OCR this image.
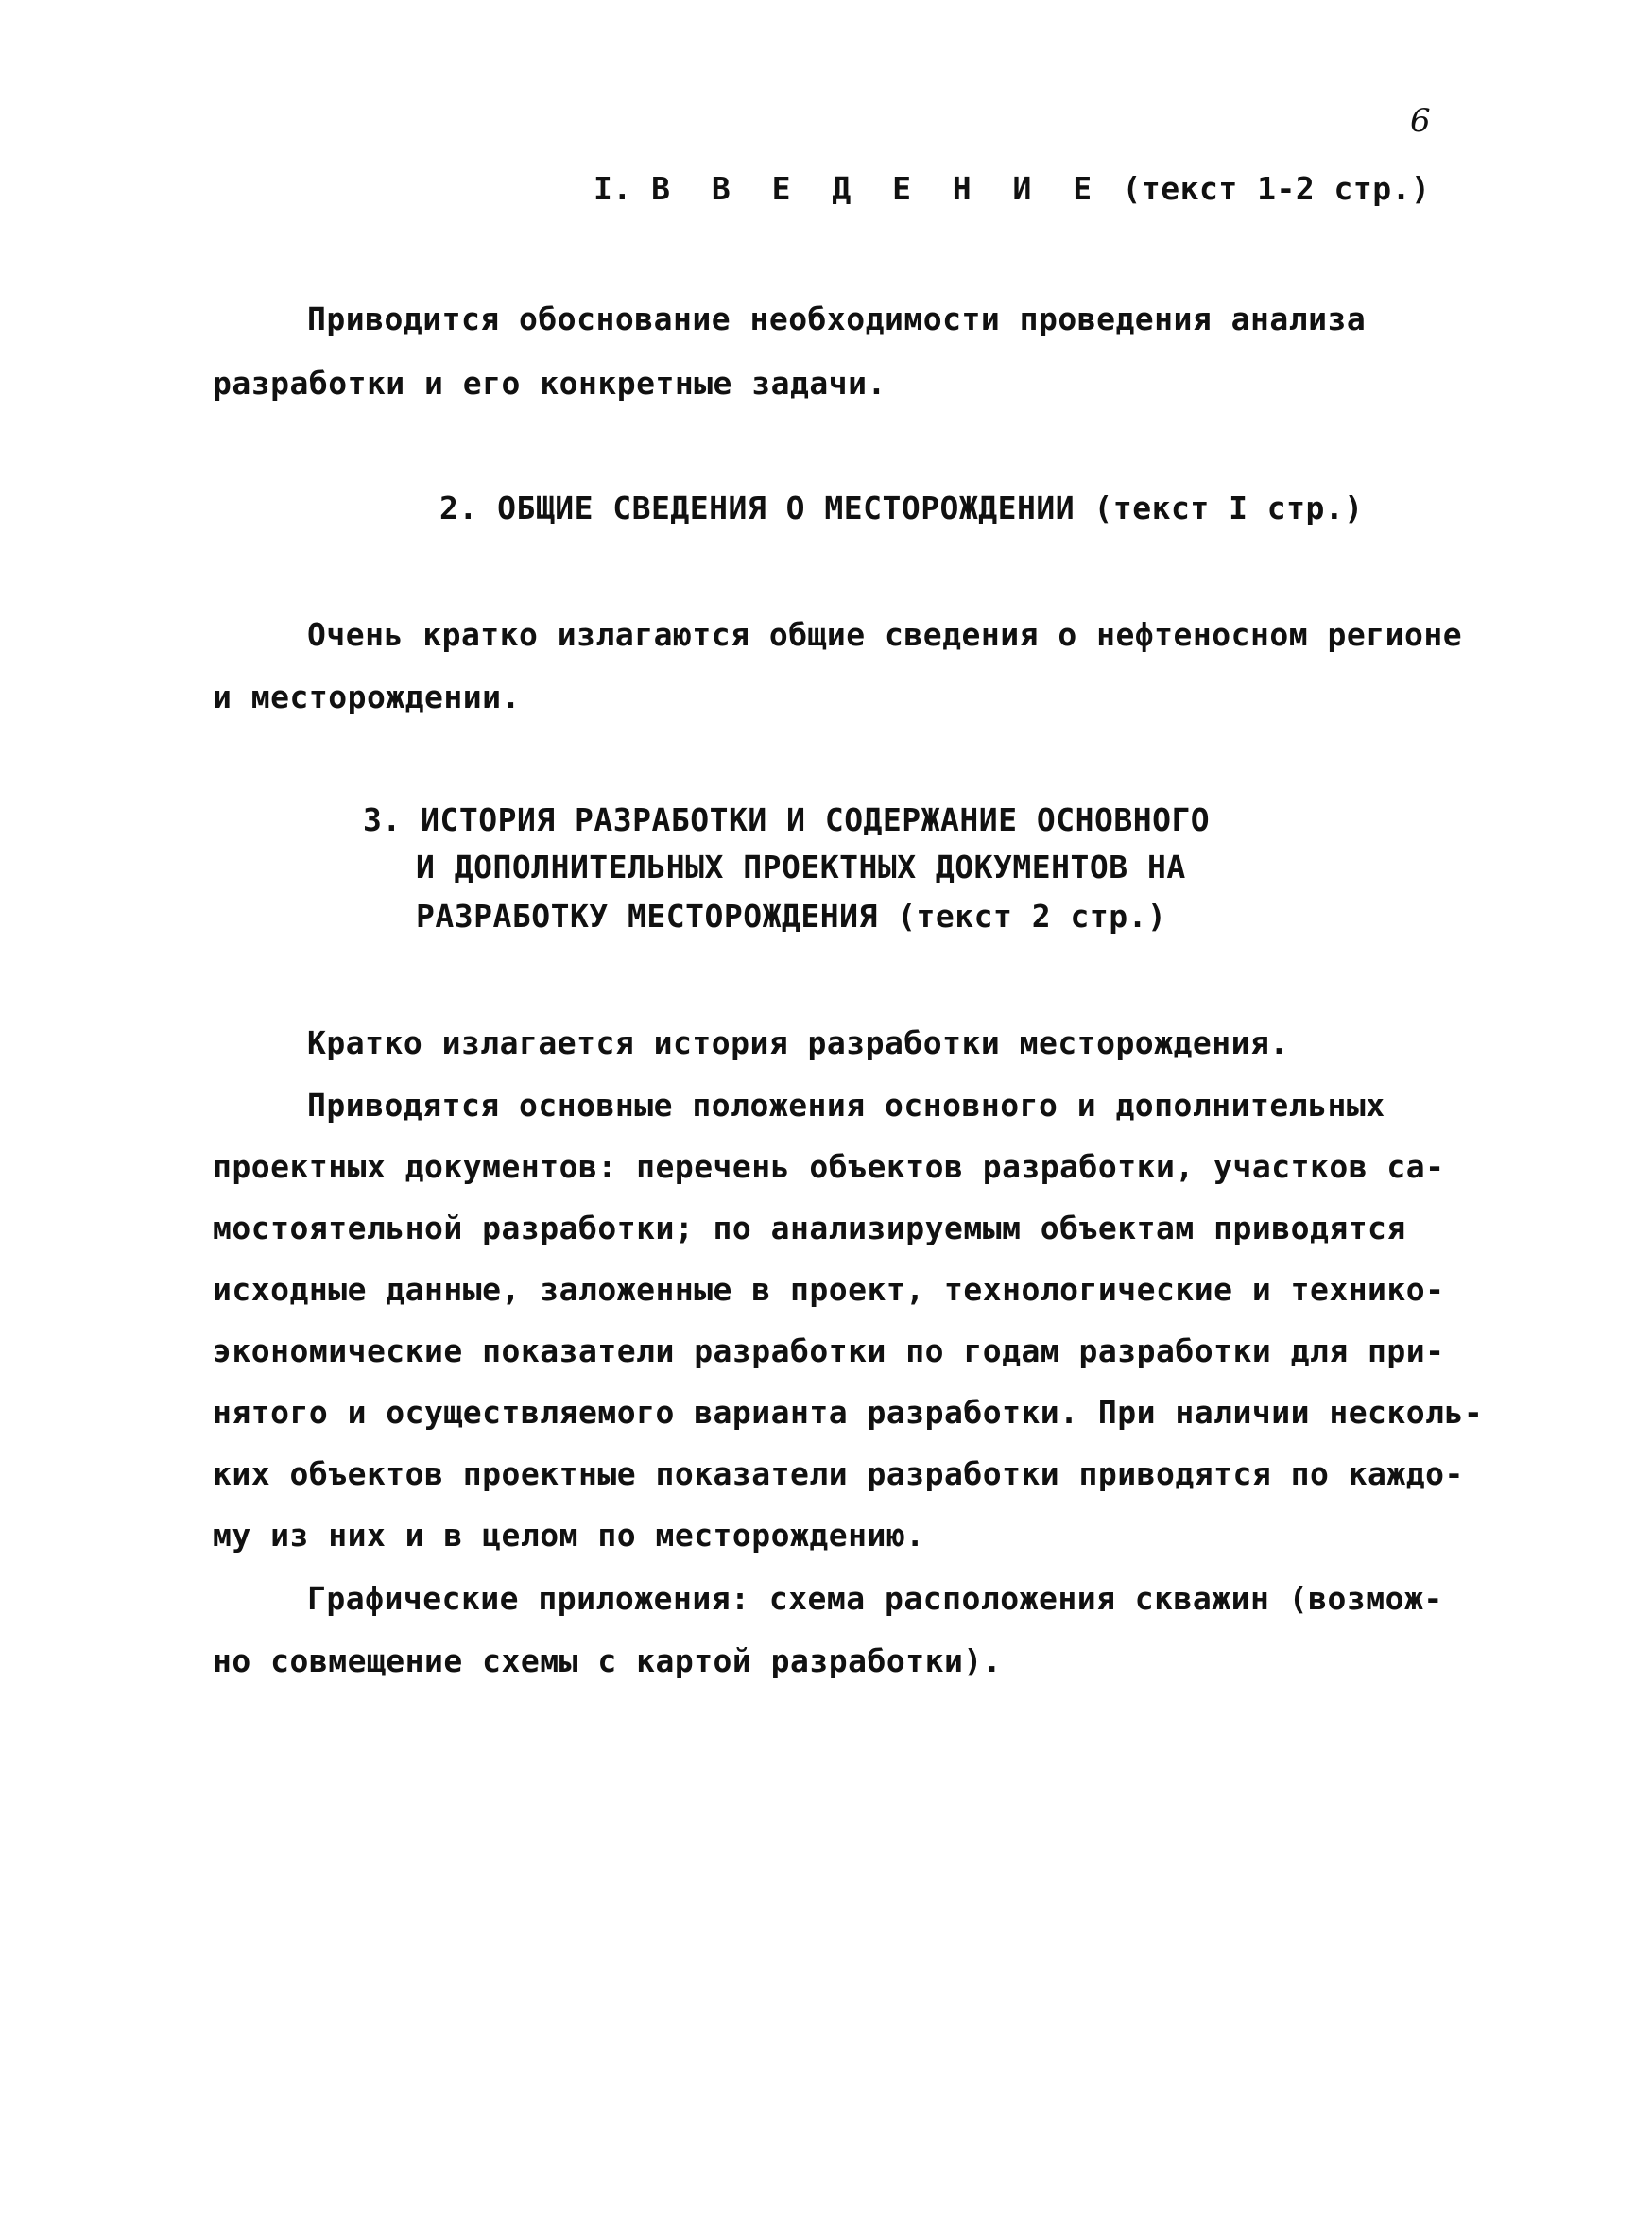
6
I. В В Е Д Е Н И Е (текст 1-2 стр.)
Приводится обоснование необходимости проведения анализа
разработки и его конкретные задачи.
2. ОБЩИЕ СВЕДЕНИЯ О МЕСТОРОЖДЕНИИ (текст I стр.)
Очень кратко излагаются общие сведения о нефтеносном регионе
и месторождении.
3. ИСТОРИЯ РАЗРАБОТКИ И СОДЕРЖАНИЕ ОСНОВНОГО
И ДОПОЛНИТЕЛЬНЫХ ПРОЕКТНЫХ ДОКУМЕНТОВ НА
РАЗРАБОТКУ МЕСТОРОЖДЕНИЯ (текст 2 стр.)
Кратко излагается история разработки месторождения.
Приводятся основные положения основного и дополнительных
проектных документов: перечень объектов разработки, участков са-
мостоятельной разработки; по анализируемым объектам приводятся
исходные данные, заложенные в проект, технологические и технико-
экономические показатели разработки по годам разработки для при-
нятого и осуществляемого варианта разработки. При наличии несколь-
ких объектов проектные показатели разработки приводятся по каждо-
му из них и в целом по месторождению.
Графические приложения: схема расположения скважин (возмож-
но совмещение схемы с картой разработки).
